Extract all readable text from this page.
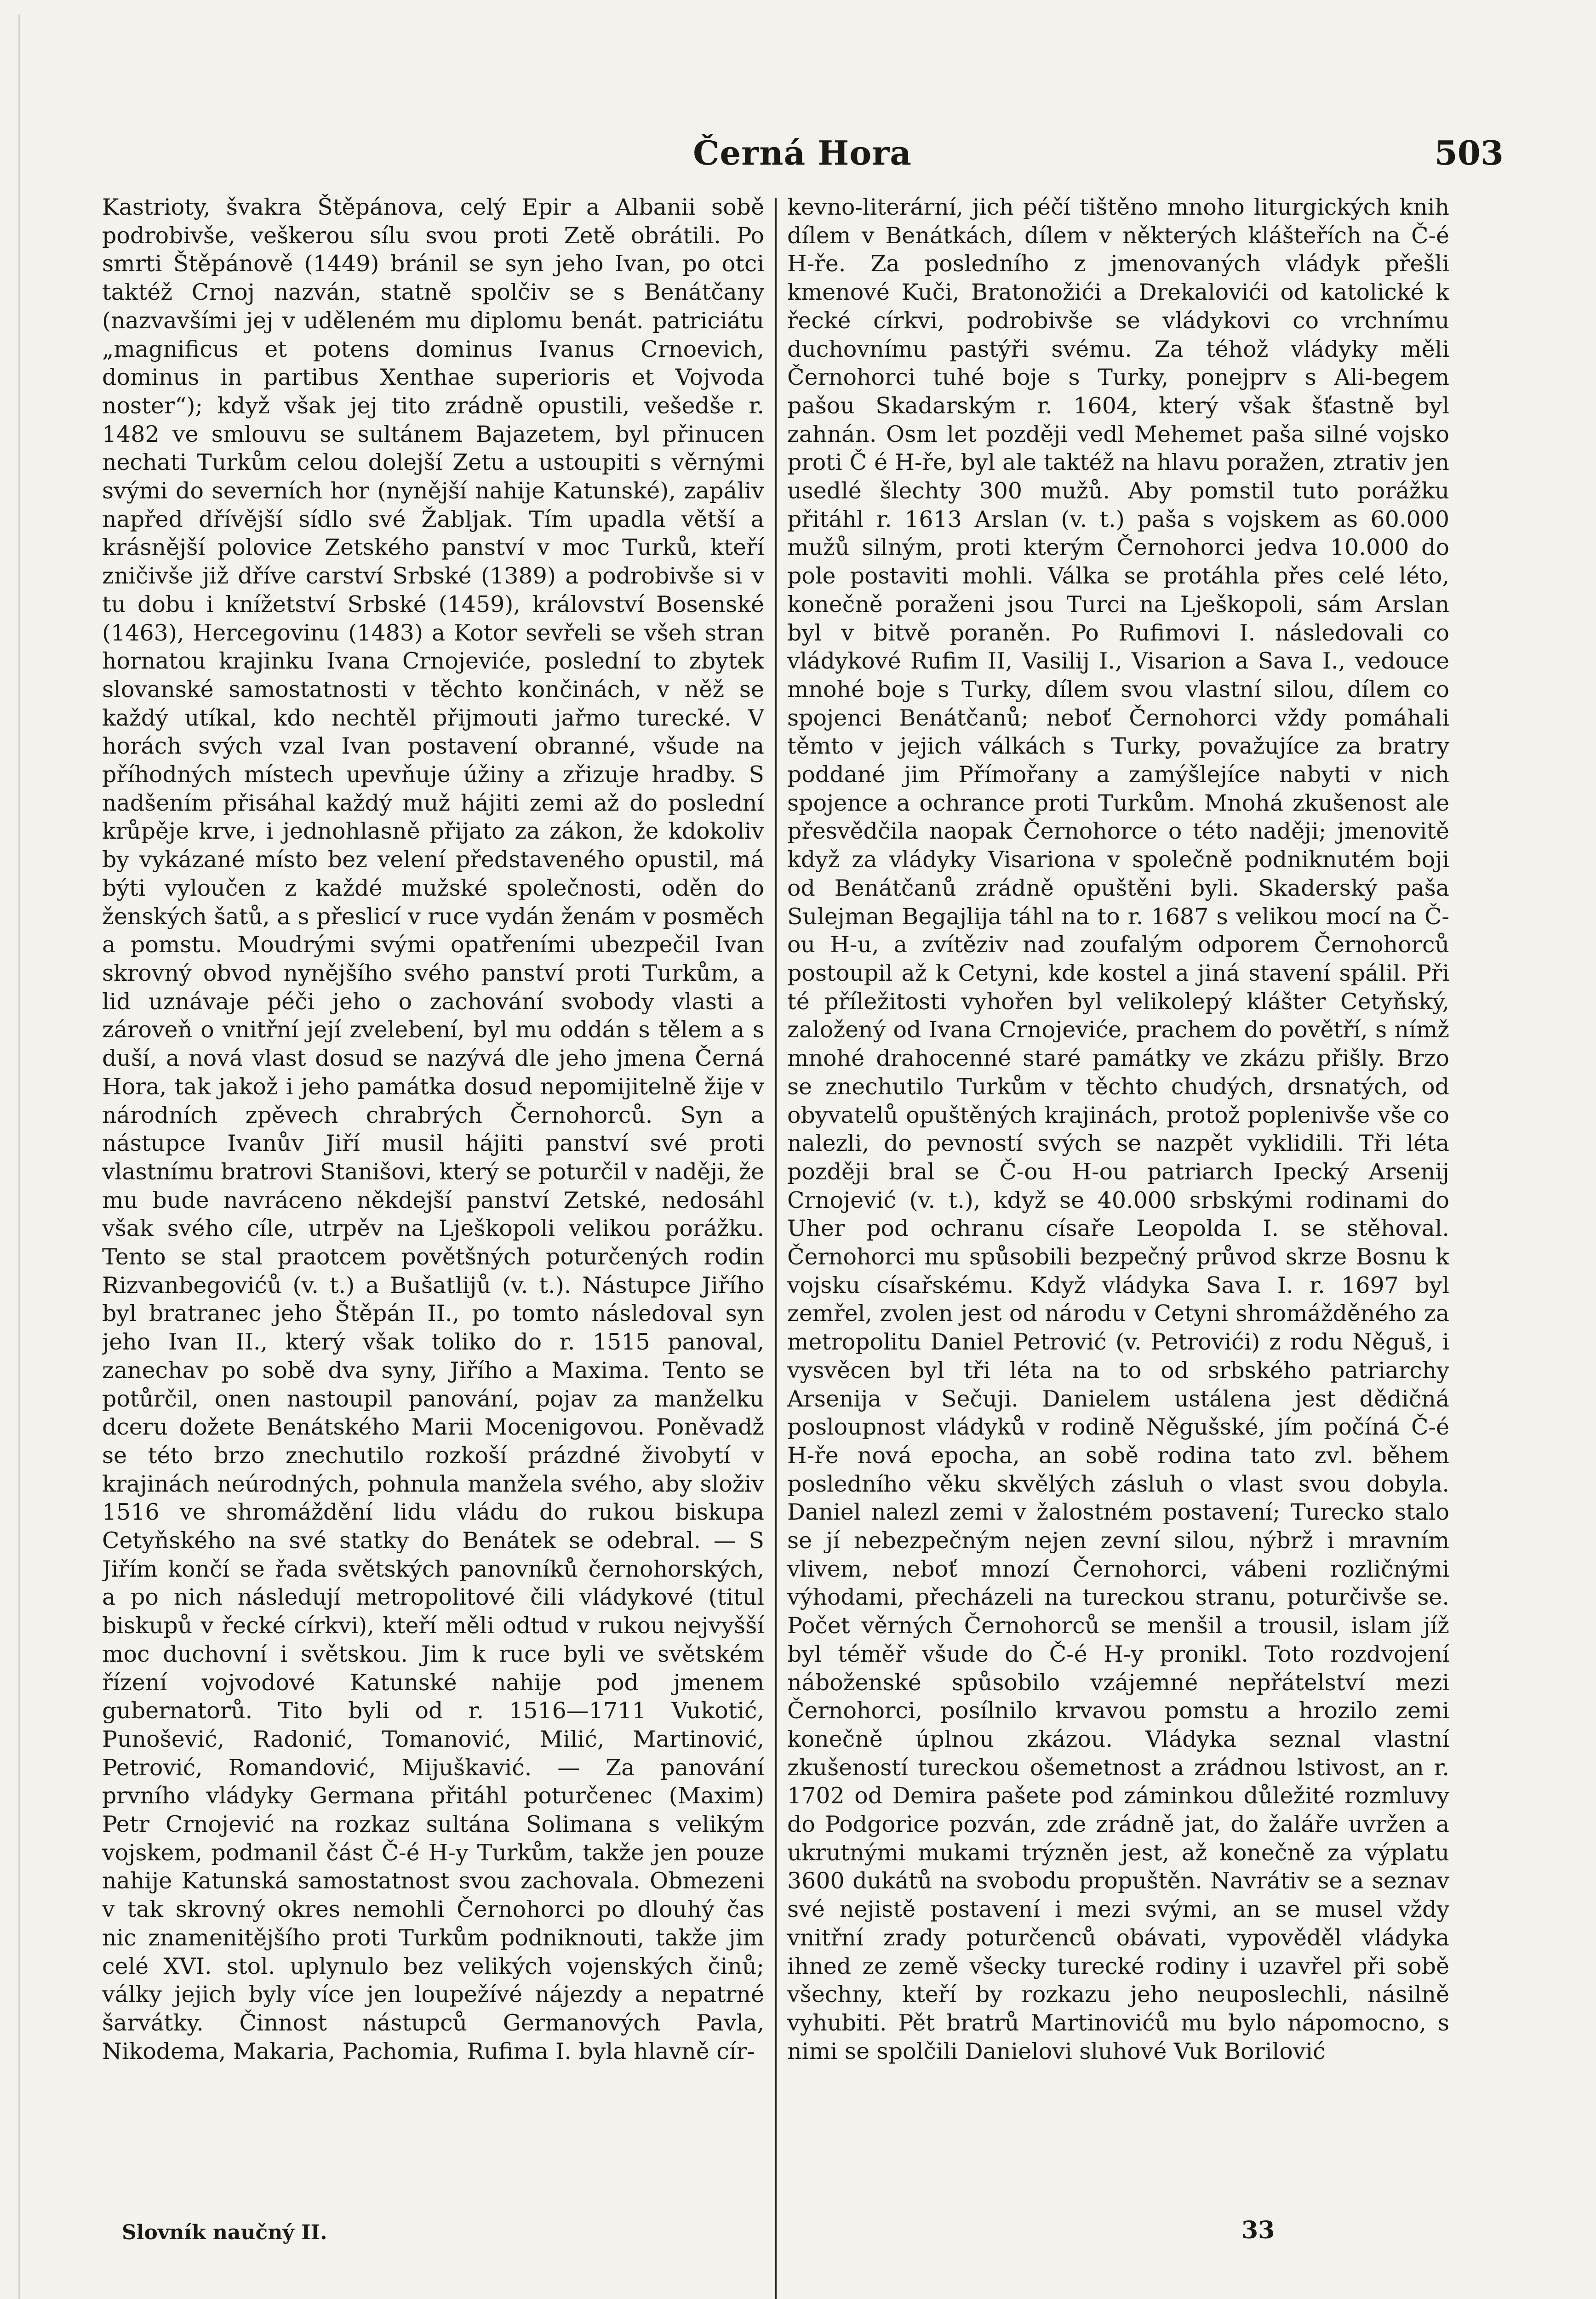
Černá Hora	503

Kastrioty, švakra Štěpánova, celý Epir a Albanii sobě podrobivše, veškerou sílu svou proti Zetě obrátili. Po smrti Štěpánově (1449) bránil se syn jeho Ivan, po otci taktéž Crnoj nazván, statně spolčiv se s Benátčany (nazvavšími jej v uděleném mu diplomu benát. patriciátu „magnificus et potens dominus Ivanus Crnoevich, dominus in partibus Xenthae superioris et Vojvoda noster“); když však jej tito zrádně opustili, vešedše r. 1482 ve smlouvu se sultánem Bajazetem, byl přinucen nechati Turkům celou dolejší Zetu a ustoupiti s věrnými svými do severních hor (nynější nahije Katunské), zapáliv napřed dřívější sídlo své Žabljak. Tím upadla větší a krásnější polovice Zetského panství v moc Turků, kteří zničivše již dříve carství Srbské (1389) a podrobivše si v tu dobu i knížetství Srbské (1459), království Bosenské (1463), Hercegovinu (1483) a Kotor sevřeli se všeh stran hornatou krajinku Ivana Crnojeviće, poslední to zbytek slovanské samostatnosti v těchto končinách, v něž se každý utíkal, kdo nechtěl přijmouti jařmo turecké. V horách svých vzal Ivan postavení obranné, všude na příhodných místech upevňuje úžiny a zřizuje hradby. S nadšením přisáhal každý muž hájiti zemi až do poslední krůpěje krve, i jednohlasně přijato za zákon, že kdokoliv by vykázané místo bez velení představeného opustil, má býti vyloučen z každé mužské společnosti, oděn do ženských šatů, a s přeslicí v ruce vydán ženám v posměch a pomstu. Moudrými svými opatřeními ubezpečil Ivan skrovný obvod nynějšího svého panství proti Turkům, a lid uznávaje péči jeho o zachování svobody vlasti a zároveň o vnitřní její zvelebení, byl mu oddán s tělem a s duší, a nová vlast dosud se nazývá dle jeho jmena Černá Hora, tak jakož i jeho památka dosud nepomijitelně žije v národních zpěvech chrabrých Černohorců. Syn a nástupce Ivanův Jiří musil hájiti panství své proti vlastnímu bratrovi Stanišovi, který se poturčil v naději, že mu bude navráceno někdejší panství Zetské, nedosáhl však svého cíle, utrpěv na Lješkopoli velikou porážku. Tento se stal praotcem povětšných poturčených rodin Rizvanbegovićů (v. t.) a Bušatlijů (v. t.). Nástupce Jiřího byl bratranec jeho Štěpán II., po tomto následoval syn jeho Ivan II., který však toliko do r. 1515 panoval, zanechav po sobě dva syny, Jiřího a Maxima. Tento se potůrčil, onen nastoupil panování, pojav za manželku dceru dožete Benátského Marii Mocenigovou. Poněvadž se této brzo znechutilo rozkoší prázdné živobytí v krajinách neúrodných, pohnula manžela svého, aby složiv 1516 ve shromáždění lidu vládu do rukou biskupa Cetyňského na své statky do Benátek se odebral. — S Jiřím končí se řada světských panovníků černohorských, a po nich následují metropolitové čili vládykové (titul biskupů v řecké církvi), kteří měli odtud v rukou nejvyšší moc duchovní i světskou. Jim k ruce byli ve světském řízení vojvodové Katunské nahije pod jmenem gubernatorů. Tito byli od r. 1516—1711 Vukotić, Punošević, Radonić, Tomanović, Milić, Martinović, Petrović, Romandović, Mijuškavić. — Za panování prvního vládyky Germana přitáhl poturčenec (Maxim) Petr Crnojević na rozkaz sultána Solimana s velikým vojskem, podmanil část Č-é H-y Turkům, takže jen pouze nahije Katunská samostatnost svou zachovala. Obmezeni v tak skrovný okres nemohli Černohorci po dlouhý čas nic znamenitějšího proti Turkům podniknouti, takže jim celé XVI. stol. uplynulo bez velikých vojenských činů; války jejich byly více jen loupežívé nájezdy a nepatrné šarvátky. Činnost nástupců Germanových Pavla, Nikodema, Makaria, Pachomia, Rufima I. byla hlavně cír-

kevno-literární, jich péčí tištěno mnoho liturgických knih dílem v Benátkách, dílem v některých klášteřích na Č-é H-ře. Za posledního z jmenovaných vládyk přešli kmenové Kuči, Bratonožići a Drekalovići od katolické k řecké církvi, podrobivše se vládykovi co vrchnímu duchovnímu pastýři svému. Za téhož vládyky měli Černohorci tuhé boje s Turky, ponejprv s Ali-begem pašou Skadarským r. 1604, který však šťastně byl zahnán. Osm let později vedl Mehemet paša silné vojsko proti Č é H-ře, byl ale taktéž na hlavu poražen, ztrativ jen usedlé šlechty 300 mužů. Aby pomstil tuto porážku přitáhl r. 1613 Arslan (v. t.) paša s vojskem as 60.000 mužů silným, proti kterým Černohorci jedva 10.000 do pole postaviti mohli. Válka se protáhla přes celé léto, konečně poraženi jsou Turci na Lješkopoli, sám Arslan byl v bitvě poraněn. Po Rufimovi I. následovali co vládykové Rufim II, Vasilij I., Visarion a Sava I., vedouce mnohé boje s Turky, dílem svou vlastní silou, dílem co spojenci Benátčanů; neboť Černohorci vždy pomáhali těmto v jejich válkách s Turky, považujíce za bratry poddané jim Přímořany a zamýšlejíce nabyti v nich spojence a ochrance proti Turkům. Mnohá zkušenost ale přesvědčila naopak Černohorce o této naději; jmenovitě když za vládyky Visariona v společně podniknutém boji od Benátčanů zrádně opuštěni byli. Skaderský paša Sulejman Begajlija táhl na to r. 1687 s velikou mocí na Č-ou H-u, a zvítěziv nad zoufalým odporem Černohorců postoupil až k Cetyni, kde kostel a jiná stavení spálil. Při té příležitosti vyhořen byl velikolepý klášter Cetyňský, založený od Ivana Crnojeviće, prachem do povětří, s nímž mnohé drahocenné staré památky ve zkázu přišly. Brzo se znechutilo Turkům v těchto chudých, drsnatých, od obyvatelů opuštěných krajinách, protož poplenivše vše co nalezli, do pevností svých se nazpět vyklidili. Tři léta později bral se Č-ou H-ou patriarch Ipecký Arsenij Crnojević (v. t.), když se 40.000 srbskými rodinami do Uher pod ochranu císaře Leopolda I. se stěhoval. Černohorci mu spůsobili bezpečný průvod skrze Bosnu k vojsku císařskému. Když vládyka Sava I. r. 1697 byl zemřel, zvolen jest od národu v Cetyni shromážděného za metropolitu Daniel Petrović (v. Petrovići) z rodu Něguš, i vysvěcen byl tři léta na to od srbského patriarchy Arsenija v Sečuji. Danielem ustálena jest dědičná posloupnost vládyků v rodině Něgušské, jím počíná Č-é H-ře nová epocha, an sobě rodina tato zvl. během posledního věku skvělých zásluh o vlast svou dobyla. Daniel nalezl zemi v žalostném postavení; Turecko stalo se jí nebezpečným nejen zevní silou, nýbrž i mravním vlivem, neboť mnozí Černohorci, vábeni rozličnými výhodami, přecházeli na tureckou stranu, poturčivše se. Počet věrných Černohorců se menšil a trousil, islam jíž byl téměř všude do Č-é H-y pronikl. Toto rozdvojení náboženské spůsobilo vzájemné nepřátelství mezi Černohorci, posílnilo krvavou pomstu a hrozilo zemi konečně úplnou zkázou. Vládyka seznal vlastní zkušeností tureckou ošemetnost a zrádnou lstivost, an r. 1702 od Demira pašete pod záminkou důležité rozmluvy do Podgorice pozván, zde zrádně jat, do žaláře uvržen a ukrutnými mukami trýzněn jest, až konečně za výplatu 3600 dukátů na svobodu propuštěn. Navrátiv se a seznav své nejistě postavení i mezi svými, an se musel vždy vnitřní zrady poturčenců obávati, vypověděl vládyka ihned ze země všecky turecké rodiny i uzavřel při sobě všechny, kteří by rozkazu jeho neuposlechli, násilně vyhubiti. Pět bratrů Martinovićů mu bylo nápomocno, s nimi se spolčili Danielovi sluhové Vuk Borilović

Slovník naučný II.	33
